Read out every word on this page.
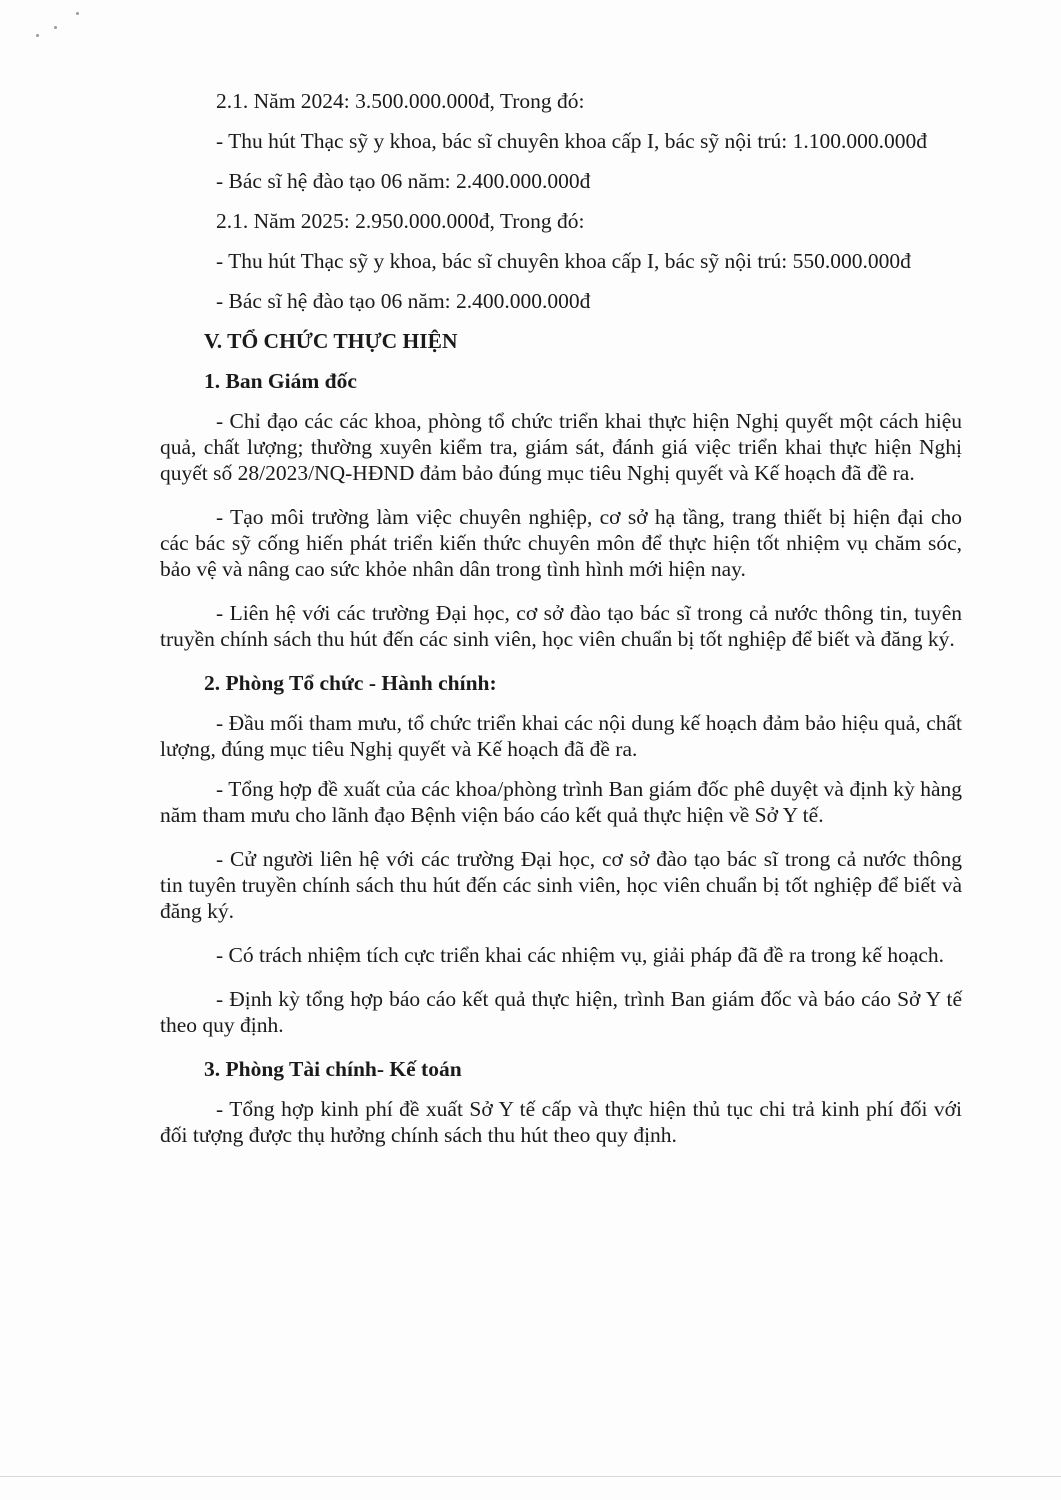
2.1. Năm 2024: 3.500.000.000đ, Trong đó:

- Thu hút Thạc sỹ y khoa, bác sĩ chuyên khoa cấp I, bác sỹ nội trú: 1.100.000.000đ

- Bác sĩ hệ đào tạo 06 năm: 2.400.000.000đ

2.1. Năm 2025: 2.950.000.000đ, Trong đó:

- Thu hút Thạc sỹ y khoa, bác sĩ chuyên khoa cấp I, bác sỹ nội trú: 550.000.000đ

- Bác sĩ hệ đào tạo 06 năm: 2.400.000.000đ

V. TỔ CHỨC THỰC HIỆN

1. Ban Giám đốc

- Chỉ đạo các các khoa, phòng tổ chức triển khai thực hiện Nghị quyết một cách hiệu quả, chất lượng; thường xuyên kiểm tra, giám sát, đánh giá việc triển khai thực hiện Nghị quyết số 28/2023/NQ-HĐND đảm bảo đúng mục tiêu Nghị quyết và Kế hoạch đã đề ra.

- Tạo môi trường làm việc chuyên nghiệp, cơ sở hạ tầng, trang thiết bị hiện đại cho các bác sỹ cống hiến phát triển kiến thức chuyên môn để thực hiện tốt nhiệm vụ chăm sóc, bảo vệ và nâng cao sức khỏe nhân dân trong tình hình mới hiện nay.

- Liên hệ với các trường Đại học, cơ sở đào tạo bác sĩ trong cả nước thông tin, tuyên truyền chính sách thu hút đến các sinh viên, học viên chuẩn bị tốt nghiệp để biết và đăng ký.

2. Phòng Tổ chức - Hành chính:

- Đầu mối tham mưu, tổ chức triển khai các nội dung kế hoạch đảm bảo hiệu quả, chất lượng, đúng mục tiêu Nghị quyết và Kế hoạch đã đề ra.

- Tổng hợp đề xuất của các khoa/phòng trình Ban giám đốc phê duyệt và định kỳ hàng năm tham mưu cho lãnh đạo Bệnh viện báo cáo kết quả thực hiện về Sở Y tế.

- Cử người liên hệ với các trường Đại học, cơ sở đào tạo bác sĩ trong cả nước thông tin tuyên truyền chính sách thu hút đến các sinh viên, học viên chuẩn bị tốt nghiệp để biết và đăng ký.

- Có trách nhiệm tích cực triển khai các nhiệm vụ, giải pháp đã đề ra trong kế hoạch.

- Định kỳ tổng hợp báo cáo kết quả thực hiện, trình Ban giám đốc và báo cáo Sở Y tế theo quy định.

3. Phòng Tài chính- Kế toán

- Tổng hợp kinh phí đề xuất Sở Y tế cấp và thực hiện thủ tục chi trả kinh phí đối với đối tượng được thụ hưởng chính sách thu hút theo quy định.
